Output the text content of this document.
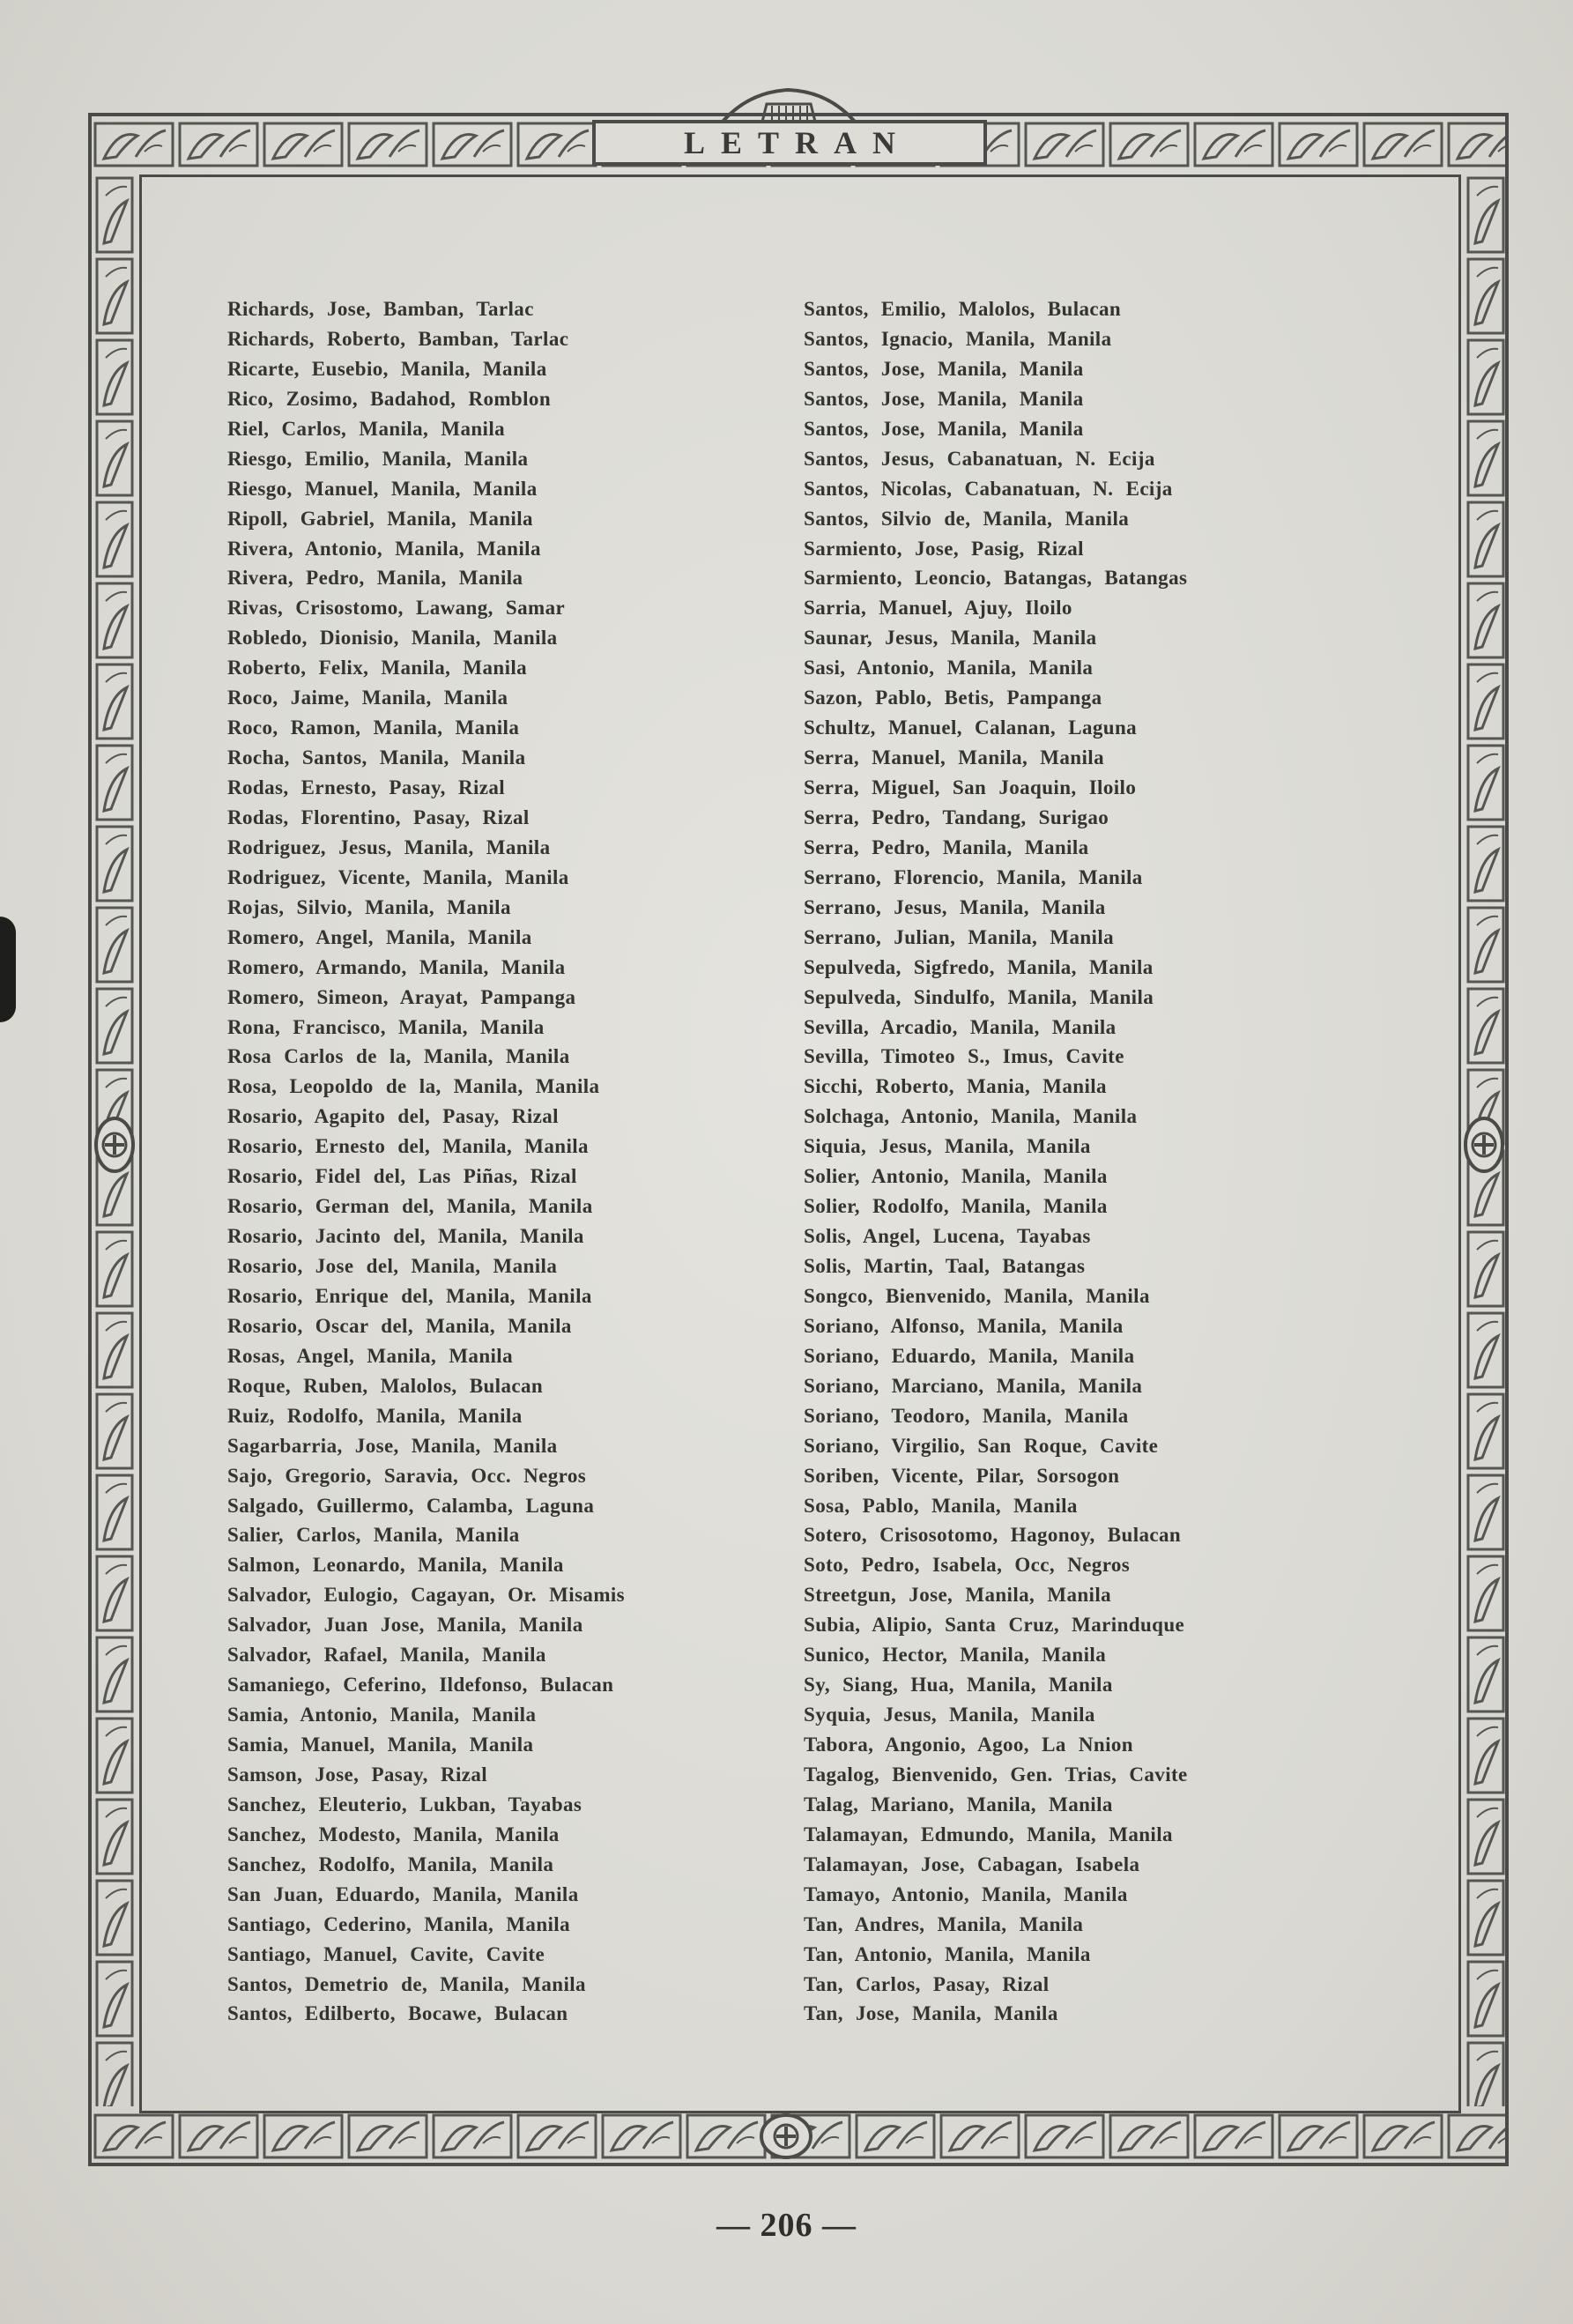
LETRAN
Richards, Jose, Bamban, Tarlac
Richards, Roberto, Bamban, Tarlac
Ricarte, Eusebio, Manila, Manila
Rico, Zosimo, Badahod, Romblon
Riel, Carlos, Manila, Manila
Riesgo, Emilio, Manila, Manila
Riesgo, Manuel, Manila, Manila
Ripoll, Gabriel, Manila, Manila
Rivera, Antonio, Manila, Manila
Rivera, Pedro, Manila, Manila
Rivas, Crisostomo, Lawang, Samar
Robledo, Dionisio, Manila, Manila
Roberto, Felix, Manila, Manila
Roco, Jaime, Manila, Manila
Roco, Ramon, Manila, Manila
Rocha, Santos, Manila, Manila
Rodas, Ernesto, Pasay, Rizal
Rodas, Florentino, Pasay, Rizal
Rodriguez, Jesus, Manila, Manila
Rodriguez, Vicente, Manila, Manila
Rojas, Silvio, Manila, Manila
Romero, Angel, Manila, Manila
Romero, Armando, Manila, Manila
Romero, Simeon, Arayat, Pampanga
Rona, Francisco, Manila, Manila
Rosa Carlos de la, Manila, Manila
Rosa, Leopoldo de la, Manila, Manila
Rosario, Agapito del, Pasay, Rizal
Rosario, Ernesto del, Manila, Manila
Rosario, Fidel del, Las Piñas, Rizal
Rosario, German del, Manila, Manila
Rosario, Jacinto del, Manila, Manila
Rosario, Jose del, Manila, Manila
Rosario, Enrique del, Manila, Manila
Rosario, Oscar del, Manila, Manila
Rosas, Angel, Manila, Manila
Roque, Ruben, Malolos, Bulacan
Ruiz, Rodolfo, Manila, Manila
Sagarbarria, Jose, Manila, Manila
Sajo, Gregorio, Saravia, Occ. Negros
Salgado, Guillermo, Calamba, Laguna
Salier, Carlos, Manila, Manila
Salmon, Leonardo, Manila, Manila
Salvador, Eulogio, Cagayan, Or. Misamis
Salvador, Juan Jose, Manila, Manila
Salvador, Rafael, Manila, Manila
Samaniego, Ceferino, Ildefonso, Bulacan
Samia, Antonio, Manila, Manila
Samia, Manuel, Manila, Manila
Samson, Jose, Pasay, Rizal
Sanchez, Eleuterio, Lukban, Tayabas
Sanchez, Modesto, Manila, Manila
Sanchez, Rodolfo, Manila, Manila
San Juan, Eduardo, Manila, Manila
Santiago, Cederino, Manila, Manila
Santiago, Manuel, Cavite, Cavite
Santos, Demetrio de, Manila, Manila
Santos, Edilberto, Bocawe, Bulacan
Santos, Emilio, Malolos, Bulacan
Santos, Ignacio, Manila, Manila
Santos, Jose, Manila, Manila
Santos, Jose, Manila, Manila
Santos, Jose, Manila, Manila
Santos, Jesus, Cabanatuan, N. Ecija
Santos, Nicolas, Cabanatuan, N. Ecija
Santos, Silvio de, Manila, Manila
Sarmiento, Jose, Pasig, Rizal
Sarmiento, Leoncio, Batangas, Batangas
Sarria, Manuel, Ajuy, Iloilo
Saunar, Jesus, Manila, Manila
Sasi, Antonio, Manila, Manila
Sazon, Pablo, Betis, Pampanga
Schultz, Manuel, Calanan, Laguna
Serra, Manuel, Manila, Manila
Serra, Miguel, San Joaquin, Iloilo
Serra, Pedro, Tandang, Surigao
Serra, Pedro, Manila, Manila
Serrano, Florencio, Manila, Manila
Serrano, Jesus, Manila, Manila
Serrano, Julian, Manila, Manila
Sepulveda, Sigfredo, Manila, Manila
Sepulveda, Sindulfo, Manila, Manila
Sevilla, Arcadio, Manila, Manila
Sevilla, Timoteo S., Imus, Cavite
Sicchi, Roberto, Mania, Manila
Solchaga, Antonio, Manila, Manila
Siquia, Jesus, Manila, Manila
Solier, Antonio, Manila, Manila
Solier, Rodolfo, Manila, Manila
Solis, Angel, Lucena, Tayabas
Solis, Martin, Taal, Batangas
Songco, Bienvenido, Manila, Manila
Soriano, Alfonso, Manila, Manila
Soriano, Eduardo, Manila, Manila
Soriano, Marciano, Manila, Manila
Soriano, Teodoro, Manila, Manila
Soriano, Virgilio, San Roque, Cavite
Soriben, Vicente, Pilar, Sorsogon
Sosa, Pablo, Manila, Manila
Sotero, Crisosotomo, Hagonoy, Bulacan
Soto, Pedro, Isabela, Occ, Negros
Streetgun, Jose, Manila, Manila
Subia, Alipio, Santa Cruz, Marinduque
Sunico, Hector, Manila, Manila
Sy, Siang, Hua, Manila, Manila
Syquia, Jesus, Manila, Manila
Tabora, Angonio, Agoo, La Nnion
Tagalog, Bienvenido, Gen. Trias, Cavite
Talag, Mariano, Manila, Manila
Talamayan, Edmundo, Manila, Manila
Talamayan, Jose, Cabagan, Isabela
Tamayo, Antonio, Manila, Manila
Tan, Andres, Manila, Manila
Tan, Antonio, Manila, Manila
Tan, Carlos, Pasay, Rizal
Tan, Jose, Manila, Manila
— 206 —
